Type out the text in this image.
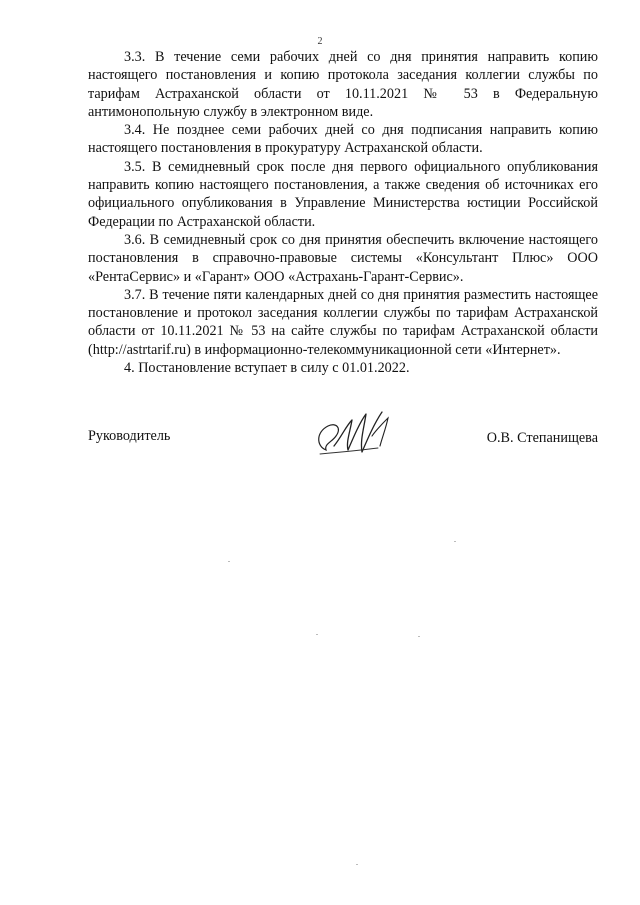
2

3.3. В течение семи рабочих дней со дня принятия направить копию настоящего постановления и копию протокола заседания коллегии службы по тарифам Астраханской области от 10.11.2021 № 53 в Федеральную антимонопольную службу в электронном виде.

3.4. Не позднее семи рабочих дней со дня подписания направить копию настоящего постановления в прокуратуру Астраханской области.

3.5. В семидневный срок после дня первого официального опубликования направить копию настоящего постановления, а также сведения об источниках его официального опубликования в Управление Министерства юстиции Российской Федерации по Астраханской области.

3.6. В семидневный срок со дня принятия обеспечить включение настоящего постановления в справочно-правовые системы «Консультант Плюс» ООО «РентаСервис» и «Гарант» ООО «Астрахань-Гарант-Сервис».

3.7. В течение пяти календарных дней со дня принятия разместить настоящее постановление и протокол заседания коллегии службы по тарифам Астраханской области от 10.11.2021 № 53 на сайте службы по тарифам Астраханской области (http://astrtarif.ru) в информационно-телекоммуникационной сети «Интернет».

4. Постановление вступает в силу с 01.01.2022.

Руководитель	О.В. Степанищева
